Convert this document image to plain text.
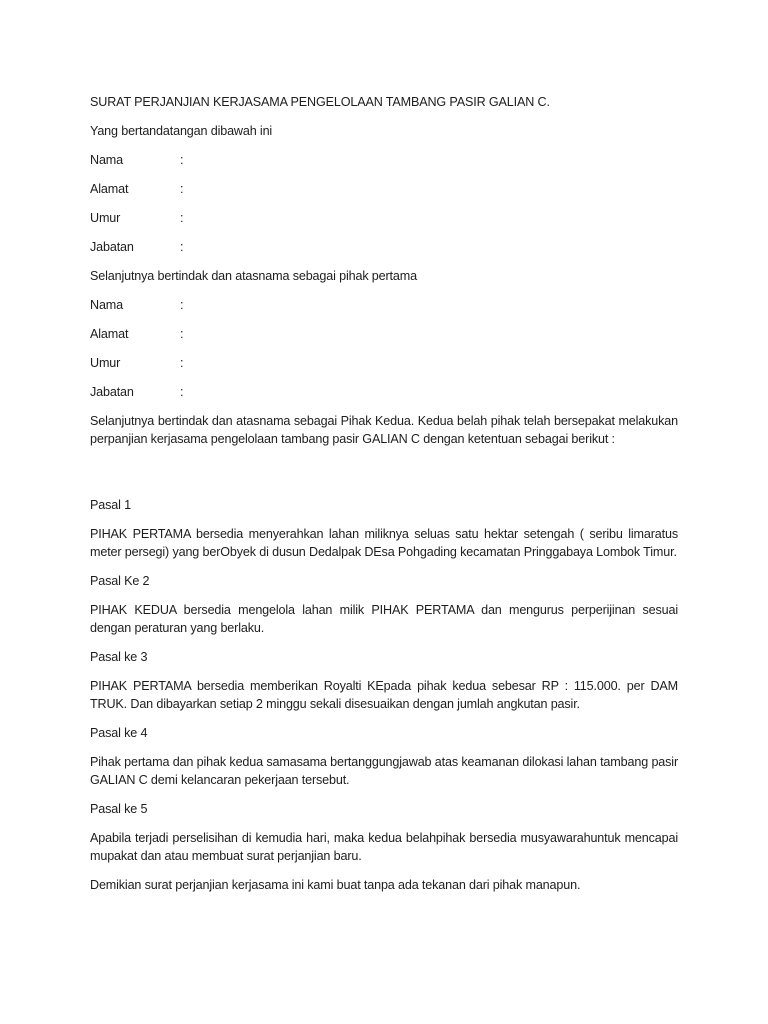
SURAT PERJANJIAN KERJASAMA PENGELOLAAN TAMBANG PASIR GALIAN C.

Yang bertandatangan dibawah ini

Nama	:
Alamat	:
Umur	:
Jabatan	:

Selanjutnya bertindak dan atasnama sebagai pihak pertama

Nama	:
Alamat	:
Umur	:
Jabatan	:

Selanjutnya bertindak dan atasnama sebagai Pihak Kedua. Kedua belah pihak telah bersepakat melakukan perpanjian kerjasama pengelolaan tambang pasir GALIAN C dengan ketentuan sebagai berikut :

Pasal 1

PIHAK PERTAMA bersedia menyerahkan lahan miliknya seluas satu hektar setengah ( seribu limaratus meter persegi) yang berObyek di dusun Dedalpak DEsa Pohgading kecamatan Pringgabaya Lombok Timur.

Pasal Ke 2

PIHAK KEDUA bersedia mengelola lahan milik PIHAK PERTAMA dan mengurus perperijinan sesuai dengan peraturan yang berlaku.

Pasal ke 3

PIHAK PERTAMA bersedia memberikan Royalti KEpada pihak kedua sebesar RP : 115.000. per DAM TRUK. Dan dibayarkan setiap 2 minggu sekali disesuaikan dengan jumlah angkutan pasir.

Pasal ke 4

Pihak pertama dan pihak kedua samasama bertanggungjawab atas keamanan dilokasi lahan tambang pasir GALIAN C demi kelancaran pekerjaan tersebut.

Pasal ke 5

Apabila terjadi perselisihan di kemudia hari, maka kedua belahpihak bersedia musyawarahuntuk mencapai mupakat dan atau membuat surat perjanjian baru.

Demikian surat perjanjian kerjasama ini kami buat tanpa ada tekanan dari pihak manapun.
